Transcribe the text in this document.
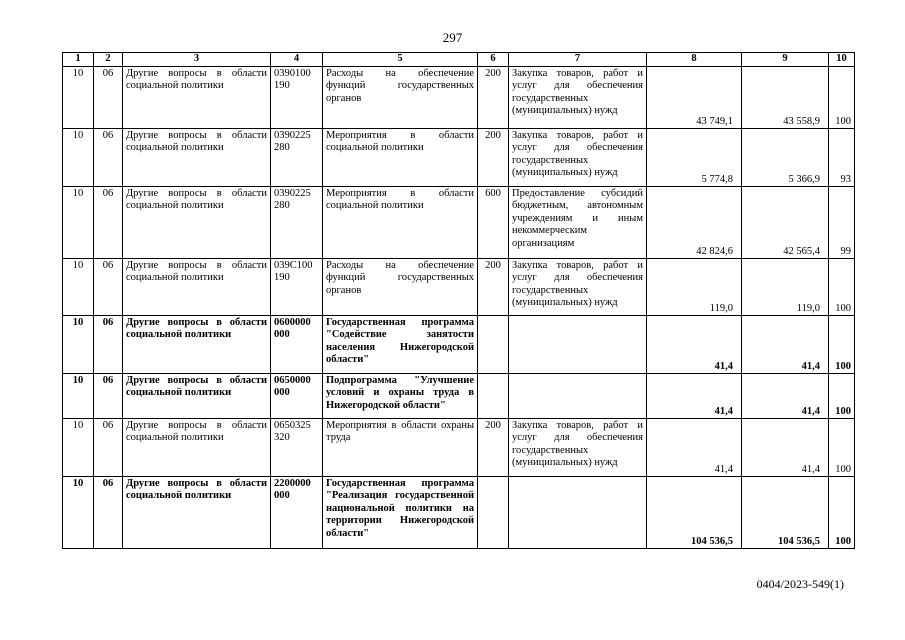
297
1	2	3	4	5	6	7	8	9	10
10	06	Другие вопросы в области социальной политики	0390100 190	Расходы на обеспечение функций государственных органов	200	Закупка товаров, работ и услуг для обеспечения государственных (муниципальных) нужд	43 749,1	43 558,9	100
10	06	Другие вопросы в области социальной политики	0390225 280	Мероприятия в области социальной политики	200	Закупка товаров, работ и услуг для обеспечения государственных (муниципальных) нужд	5 774,8	5 366,9	93
10	06	Другие вопросы в области социальной политики	0390225 280	Мероприятия в области социальной политики	600	Предоставление субсидий бюджетным, автономным учреждениям и иным некоммерческим организациям	42 824,6	42 565,4	99
10	06	Другие вопросы в области социальной политики	039С100 190	Расходы на обеспечение функций государственных органов	200	Закупка товаров, работ и услуг для обеспечения государственных (муниципальных) нужд	119,0	119,0	100
10	06	Другие вопросы в области социальной политики	0600000 000	Государственная программа "Содействие занятости населения Нижегородской области"			41,4	41,4	100
10	06	Другие вопросы в области социальной политики	0650000 000	Подпрограмма "Улучшение условий и охраны труда в Нижегородской области"			41,4	41,4	100
10	06	Другие вопросы в области социальной политики	0650325 320	Мероприятия в области охраны труда	200	Закупка товаров, работ и услуг для обеспечения государственных (муниципальных) нужд	41,4	41,4	100
10	06	Другие вопросы в области социальной политики	2200000 000	Государственная программа "Реализация государственной национальной политики на территории Нижегородской области"			104 536,5	104 536,5	100
0404/2023-549(1)
